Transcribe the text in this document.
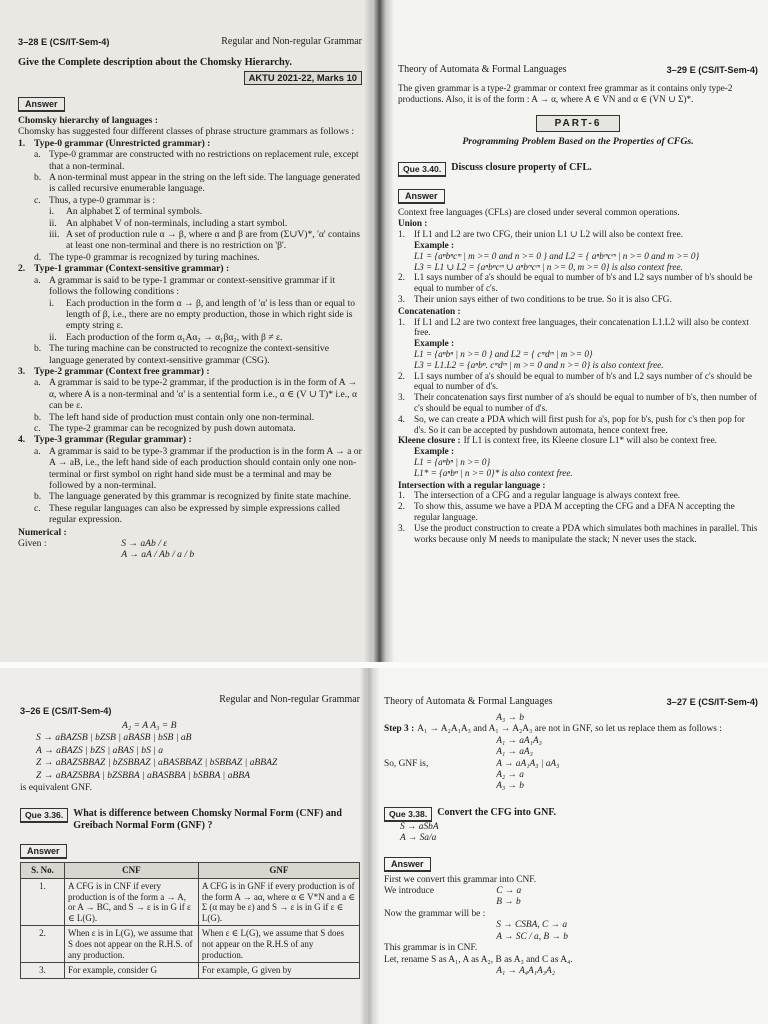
3–28 E (CS/IT-Sem-4)	Regular and Non-regular Grammar
Give the Complete description about the Chomsky Hierarchy.
AKTU 2021-22, Marks 10
Answer
Chomsky hierarchy of languages :
Chomsky has suggested four different classes of phrase structure grammars as follows :
1. Type-0 grammar (Unrestricted grammar) :
a. Type-0 grammar are constructed with no restrictions on replacement rule, except that a non-terminal.
b. A non-terminal must appear in the string on the left side. The language generated is called recursive enumerable language.
c. Thus, a type-0 grammar is :
i.	An alphabet Σ of terminal symbols.
ii. An alphabet V of non-terminals, including a start symbol.
iii. A set of production rule α → β, where α and β are from (Σ∪V)*, 'α' contains at least one non-terminal and there is no restriction on 'β'.
d. The type-0 grammar is recognized by turing machines.
2. Type-1 grammar (Context-sensitive grammar) :
a. A grammar is said to be type-1 grammar or context-sensitive grammar if it follows the following conditions :
i.	Each production in the form α → β, and length of 'α' is less than or equal to length of β, i.e., there are no empty production, those in which right side is empty string ε.
ii. Each production of the form α₁Aα₂ → α₁βα₂, with β ≠ ε.
b. The turing machine can be constructed to recognize the context-sensitive language generated by context-sensitive grammar (CSG).
3. Type-2 grammar (Context free grammar) :
a. A grammar is said to be type-2 grammar, if the production is in the form of A → α, where A is a non-terminal and 'α' is a sentential form i.e., α ∈ (V ∪ T)* i.e., α can be ε.
b. The left hand side of production must contain only one non-terminal.
c. The type-2 grammar can be recognized by push down automata.
4. Type-3 grammar (Regular grammar) :
a. A grammar is said to be type-3 grammar if the production is in the form A → a or A → aB, i.e., the left hand side of each production should contain only one non-terminal or first symbol on right hand side must be a terminal and may be followed by a non-terminal.
b. The language generated by this grammar is recognized by finite state machine.
c. These regular languages can also be expressed by simple expressions called regular expression.
Numerical :
Given :	S → aAb / ε
A → aA / Ab / a / b
Theory of Automata & Formal Languages	3–29 E (CS/IT-Sem-4)
The given grammar is a type-2 grammar or context free grammar as it contains only type-2 productions. Also, it is of the form : A → α, where A ∈ VN and α ∈ (VN ∪ Σ)*.
PART-6
Programming Problem Based on the Properties of CFGs.
Que 3.40.	Discuss closure property of CFL.
Answer
Context free languages (CFLs) are closed under several common operations.
Union :
1. If L1 and L2 are two CFG, their union L1 ∪ L2 will also be context free.
Example :
L1 = {aⁿbⁿcᵐ | m >= 0 and n >= 0 } and L2 = { aⁿbᵐcᵐ | n >= 0 and m >= 0}
L3 = L1 ∪ L2 = {aⁿbⁿcᵐ ∪ aⁿbᵐcᵐ | n >= 0, m >= 0} is also context free.
2. L1 says number of a's should be equal to number of b's and L2 says number of b's should be equal to number of c's.
3. Their union says either of two conditions to be true. So it is also CFG.
Concatenation :
1. If L1 and L2 are two context free languages, their concatenation L1.L2 will also be context free.
Example :
L1 = {aⁿbⁿ | n >= 0 } and L2 = { cᵐdᵐ | m >= 0}
L3 = L1.L2 = {aⁿbⁿ. cᵐdᵐ | m >= 0 and n >= 0} is also context free.
2. L1 says number of a's should be equal to number of b's and L2 says number of c's should be equal to number of d's.
3. Their concatenation says first number of a's should be equal to number of b's, then number of c's should be equal to number of d's.
4. So, we can create a PDA which will first push for a's, pop for b's, push for c's then pop for d's. So it can be accepted by pushdown automata, hence context free.
Kleene closure : If L1 is context free, its Kleene closure L1* will also be context free.
Example :
L1 = {aⁿbⁿ | n >= 0}
L1* = {aⁿbⁿ | n >= 0}* is also context free.
Intersection with a regular language :
1. The intersection of a CFG and a regular language is always context free.
2. To show this, assume we have a PDA M accepting the CFG and a DFA N accepting the regular language.
3. Use the product construction to create a PDA which simulates both machines in parallel. This works because only M needs to manipulate the stack; N never uses the stack.
3–26 E (CS/IT-Sem-4)
Regular and Non-regular Grammar
A₂ = A A₃ = B
S → aBAZSB | bZSB | aBASB | bSB | aB
A → aBAZS | bZS | aBAS | bS | a
Z → aBAZSBBAZ | bZSBBAZ | aBASBBAZ | bSBBAZ | aBBAZ
Z → aBAZSBBA | bZSBBA | aBASBBA | bSBBA | aBBA
is equivalent GNF.
Que 3.36.	What is difference between Chomsky Normal Form (CNF) and Greibach Normal Form (GNF) ?
Answer
S. No.	CNF	GNF
1.	A CFG is in CNF if every production is of the form a → A, or A → BC, and S → ε is in G if ε ∈ L(G).	A CFG is in GNF if every production is of the form A → aα, where α ∈ V*N and a ∈ Σ (α may be ε) and S → ε is in G if ε ∈ L(G).
2.	When ε is in L(G), we assume that S does not appear on the R.H.S. of any production.	When ε ∈ L(G), we assume that S does not appear on the R.H.S of any production.
3.	For example, consider G	For example, G given by
Theory of Automata & Formal Languages	3–27 E (CS/IT-Sem-4)
A₃ → b
Step 3 : A₁ → A₂A₁A₃ and A₁ → A₂A₃ are not in GNF, so let us replace them as follows :
A₁ → aA₁A₃
A₁ → aA₃
So, GNF is,	A → aA₁A₃ | aA₃
A₂ → a
A₃ → b
Que 3.38.	Convert the CFG into GNF.
S → aSbA
A → Sa/a
Answer
First we convert this grammar into CNF.
We introduce	C → a
B → b
Now the grammar will be :
S → CSBA, C → a
A → SC / a, B → b
This grammar is in CNF.
Let, rename S as A₁, A as A₂, B as A₃ and C as A₄.
A₁ → A₄A₁A₃A₂
